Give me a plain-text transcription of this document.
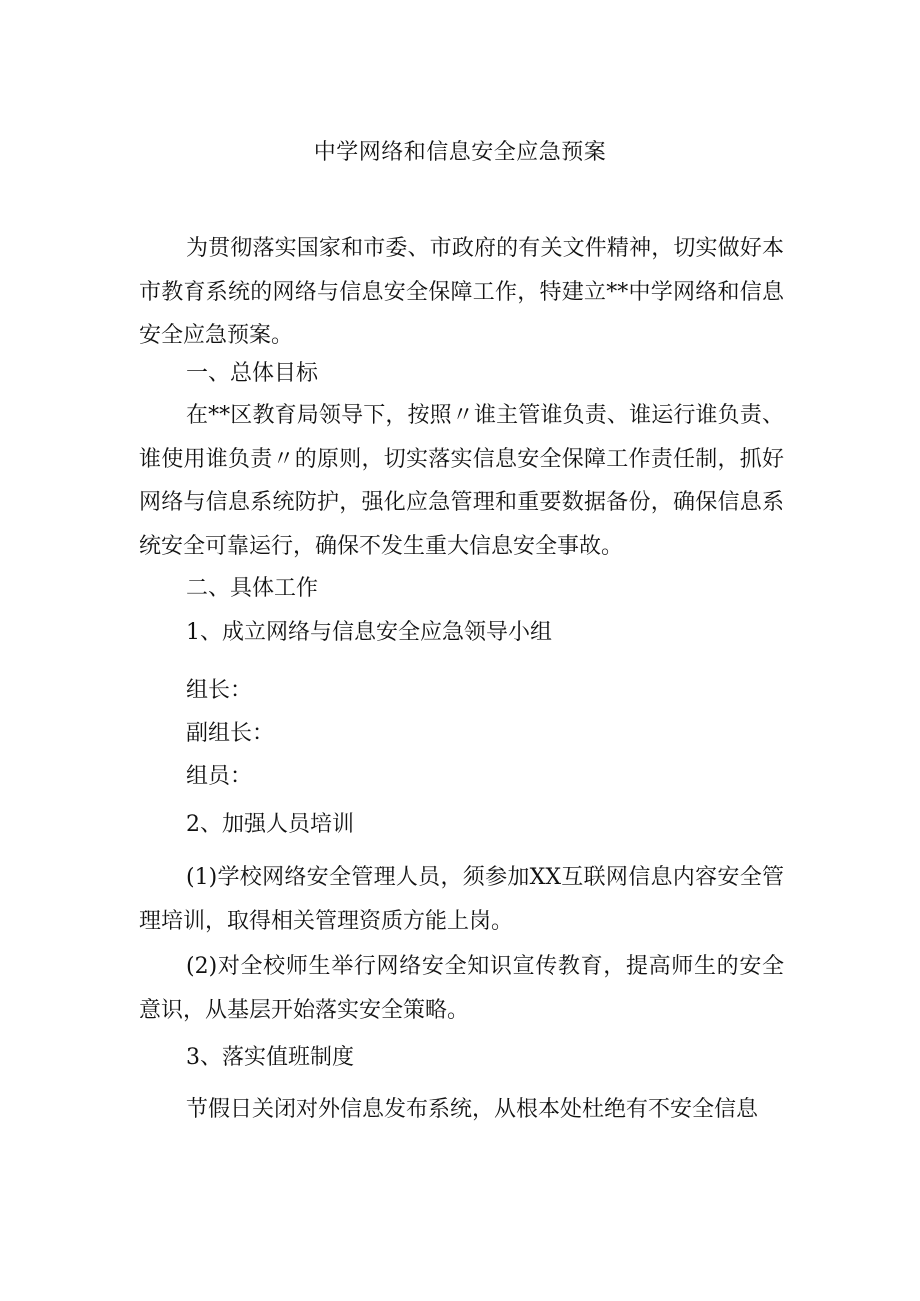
中学网络和信息安全应急预案

为贯彻落实国家和市委、市政府的有关文件精神，切实做好本市教育系统的网络与信息安全保障工作，特建立**中学网络和信息安全应急预案。

一、总体目标

在**区教育局领导下，按照〃谁主管谁负责、谁运行谁负责、谁使用谁负责〃的原则，切实落实信息安全保障工作责任制，抓好网络与信息系统防护，强化应急管理和重要数据备份，确保信息系统安全可靠运行，确保不发生重大信息安全事故。

二、具体工作

1、成立网络与信息安全应急领导小组

组长：

副组长：

组员：

2、加强人员培训

(1)学校网络安全管理人员，须参加XX互联网信息内容安全管理培训，取得相关管理资质方能上岗。

(2)对全校师生举行网络安全知识宣传教育，提高师生的安全意识，从基层开始落实安全策略。

3、落实值班制度

节假日关闭对外信息发布系统，从根本处杜绝有不安全信息
